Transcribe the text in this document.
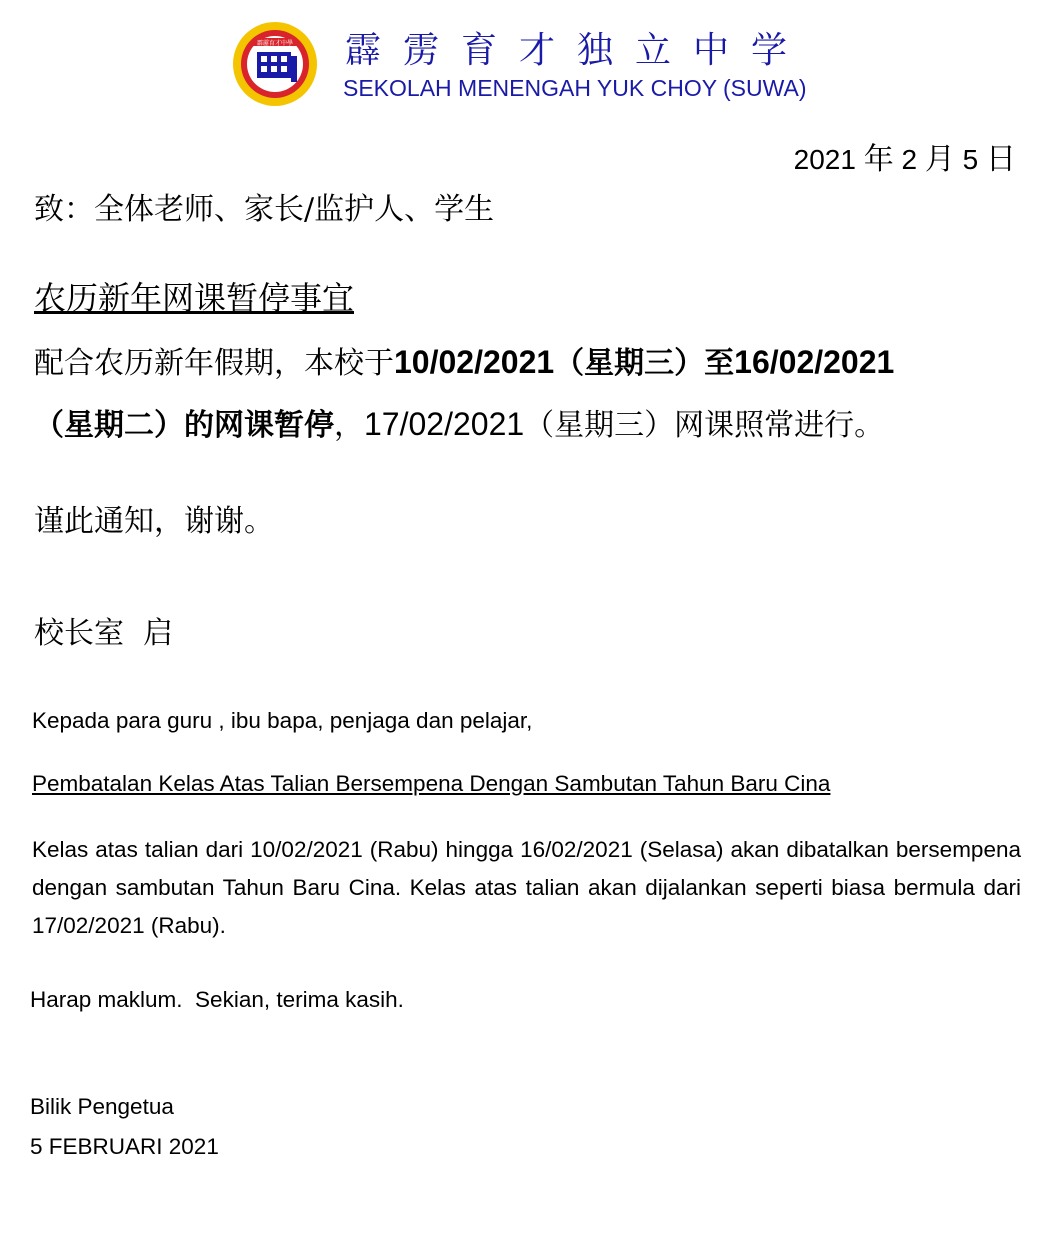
霹靂育才中學 霹雳育才独立中学
SEKOLAH MENENGAH YUK CHOY (SUWA)
2021 年 2 月 5 日
致：全体老师、家长/监护人、学生
农历新年网课暂停事宜
配合农历新年假期，本校于10/02/2021（星期三）至16/02/2021
（星期二）的网课暂停，17/02/2021（星期三）网课照常进行。
谨此通知，谢谢。
校长室  启
Kepada para guru , ibu bapa, penjaga dan pelajar,
Pembatalan Kelas Atas Talian Bersempena Dengan Sambutan Tahun Baru Cina
Kelas atas talian dari 10/02/2021 (Rabu) hingga 16/02/2021 (Selasa) akan dibatalkan bersempena dengan sambutan Tahun Baru Cina. Kelas atas talian akan dijalankan seperti biasa bermula dari 17/02/2021 (Rabu).
Harap maklum.  Sekian, terima kasih.
Bilik Pengetua
5 FEBRUARI 2021
